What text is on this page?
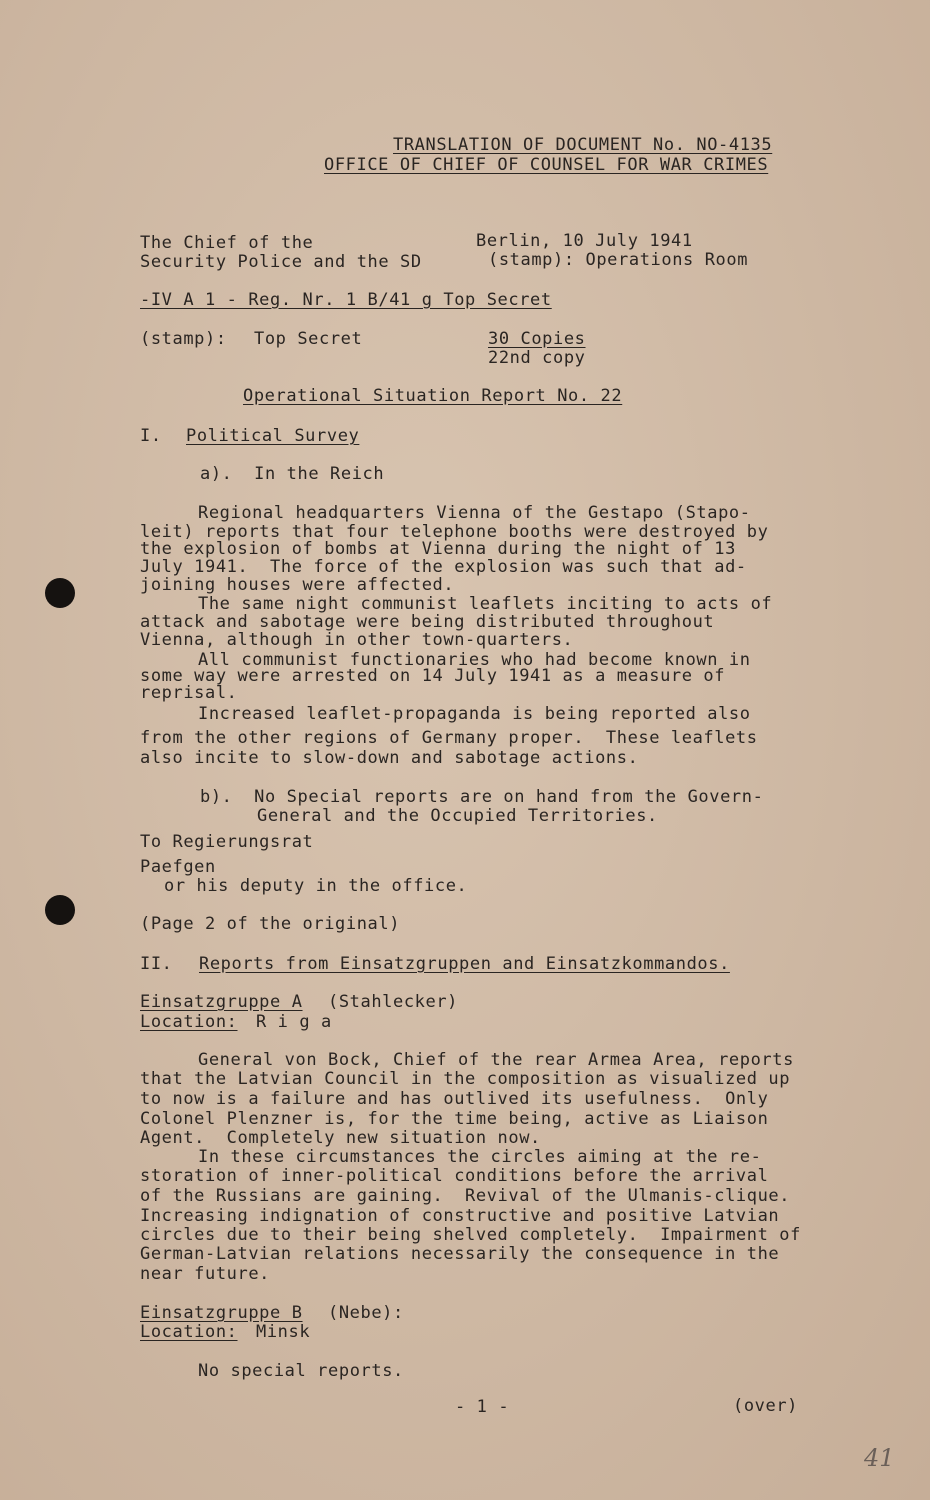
TRANSLATION OF DOCUMENT No. NO-4135
OFFICE OF CHIEF OF COUNSEL FOR WAR CRIMES
The Chief of the
Security Police and the SD
Berlin, 10 July 1941
(stamp): Operations Room
-IV A 1 - Reg. Nr. 1 B/41 g Top Secret
(stamp): Top Secret	30 Copies
22nd copy
Operational Situation Report No. 22
I. Political Survey
a).  In the Reich
Regional headquarters Vienna of the Gestapo (Stapo-
leit) reports that four telephone booths were destroyed by
the explosion of bombs at Vienna during the night of 13
July 1941.  The force of the explosion was such that ad-
joining houses were affected.
The same night communist leaflets inciting to acts of
attack and sabotage were being distributed throughout
Vienna, although in other town-quarters.
All communist functionaries who had become known in
some way were arrested on 14 July 1941 as a measure of
reprisal.
Increased leaflet-propaganda is being reported also
from the other regions of Germany proper.  These leaflets
also incite to slow-down and sabotage actions.
b).  No Special reports are on hand from the Govern-
General and the Occupied Territories.
To Regierungsrat
Paefgen
or his deputy in the office.
(Page 2 of the original)
II. Reports from Einsatzgruppen and Einsatzkommandos.
Einsatzgruppe A (Stahlecker)
Location: R i g a
General von Bock, Chief of the rear Armea Area, reports
that the Latvian Council in the composition as visualized up
to now is a failure and has outlived its usefulness.  Only
Colonel Plenzner is, for the time being, active as Liaison
Agent.  Completely new situation now.
In these circumstances the circles aiming at the re-
storation of inner-political conditions before the arrival
of the Russians are gaining.  Revival of the Ulmanis-clique.
Increasing indignation of constructive and positive Latvian
circles due to their being shelved completely.  Impairment of
German-Latvian relations necessarily the consequence in the
near future.
Einsatzgruppe B (Nebe):
Location: Minsk
No special reports.
- 1 -	(over)
41
